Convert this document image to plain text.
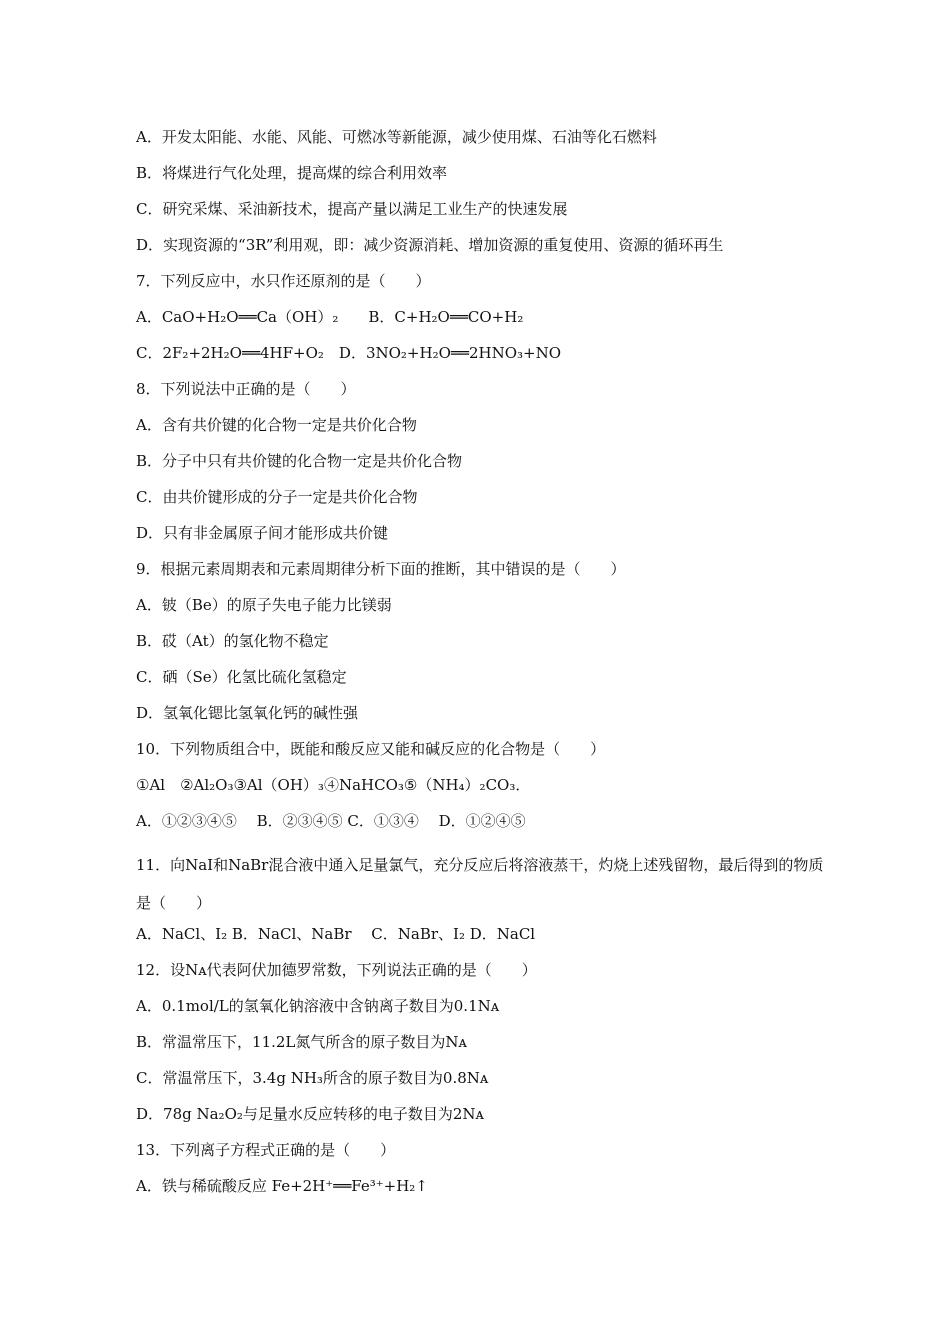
A．开发太阳能、水能、风能、可燃冰等新能源，减少使用煤、石油等化石燃料
B．将煤进行气化处理，提高煤的综合利用效率
C．研究采煤、采油新技术，提高产量以满足工业生产的快速发展
D．实现资源的“3R”利用观，即：减少资源消耗、增加资源的重复使用、资源的循环再生
7．下列反应中，水只作还原剂的是（　　）
A．CaO+H₂O══Ca（OH）₂　　B．C+H₂O══CO+H₂
C．2F₂+2H₂O══4HF+O₂　D．3NO₂+H₂O══2HNO₃+NO
8．下列说法中正确的是（　　）
A．含有共价键的化合物一定是共价化合物
B．分子中只有共价键的化合物一定是共价化合物
C．由共价键形成的分子一定是共价化合物
D．只有非金属原子间才能形成共价键
9．根据元素周期表和元素周期律分析下面的推断，其中错误的是（　　）
A．铍（Be）的原子失电子能力比镁弱
B．砹（At）的氢化物不稳定
C．硒（Se）化氢比硫化氢稳定
D．氢氧化锶比氢氧化钙的碱性强
10．下列物质组合中，既能和酸反应又能和碱反应的化合物是（　　）
①Al　②Al₂O₃③Al（OH）₃④NaHCO₃⑤（NH₄）₂CO₃．
A．①②③④⑤　 B．②③④⑤ C．①③④　 D．①②④⑤
11．向NaI和NaBr混合液中通入足量氯气，充分反应后将溶液蒸干，灼烧上述残留物，最后得到的物质是（　　）
A．NaCl、I₂ B．NaCl、NaBr　 C．NaBr、I₂ D．NaCl
12．设Nᴀ代表阿伏加德罗常数，下列说法正确的是（　　）
A．0.1mol/L的氢氧化钠溶液中含钠离子数目为0.1Nᴀ
B．常温常压下，11.2L氮气所含的原子数目为Nᴀ
C．常温常压下，3.4g NH₃所含的原子数目为0.8Nᴀ
D．78g Na₂O₂与足量水反应转移的电子数目为2Nᴀ
13．下列离子方程式正确的是（　　）
A．铁与稀硫酸反应 Fe+2H⁺══Fe³⁺+H₂↑
